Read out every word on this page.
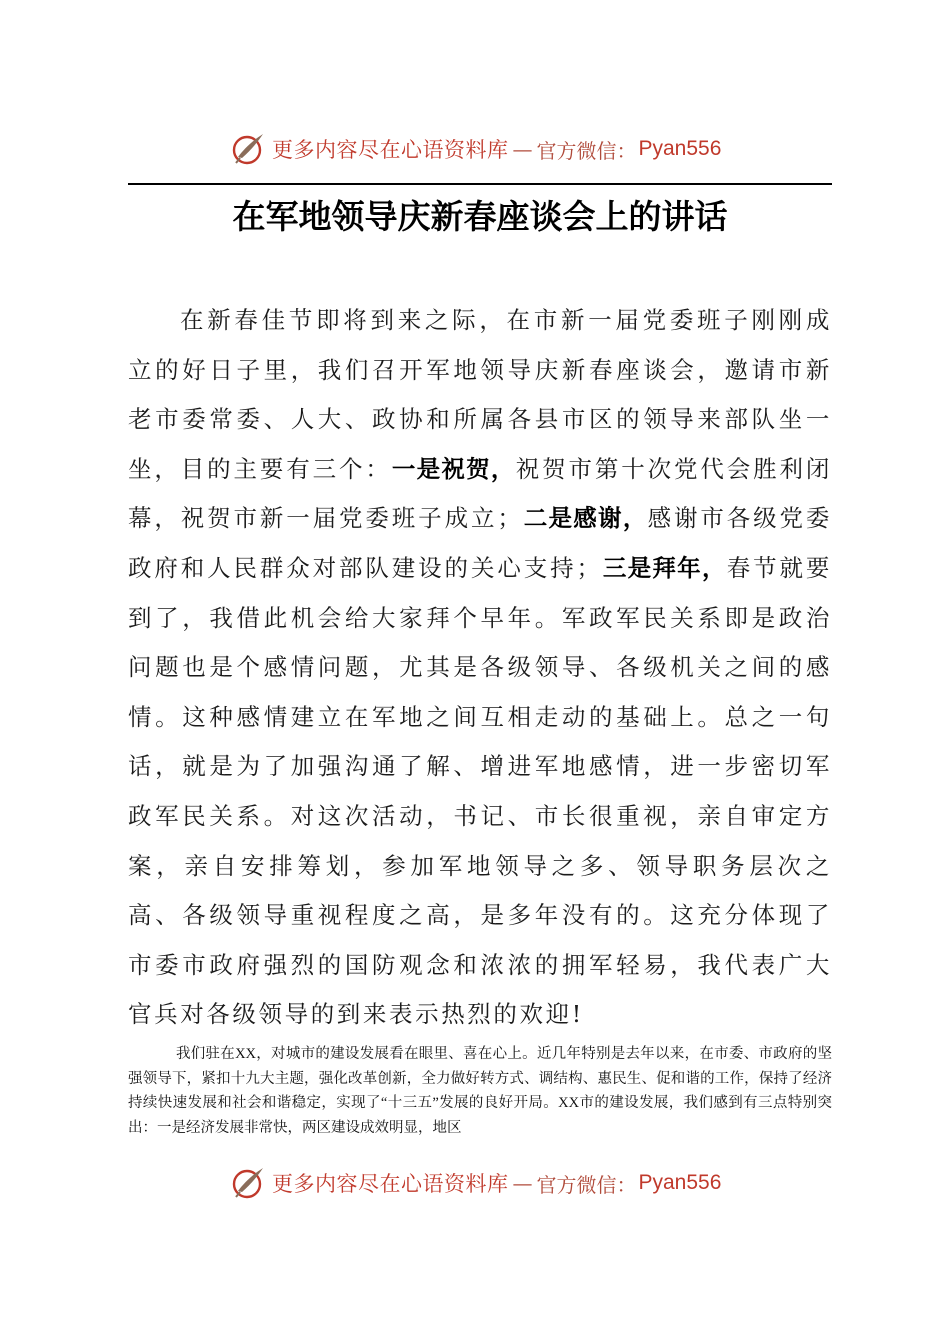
更多内容尽在心语资料库 — 官方微信： Pyan556
在军地领导庆新春座谈会上的讲话

在新春佳节即将到来之际，在市新一届党委班子刚刚成立的好日子里，我们召开军地领导庆新春座谈会，邀请市新老市委常委、人大、政协和所属各县市区的领导来部队坐一坐，目的主要有三个：一是祝贺，祝贺市第十次党代会胜利闭幕，祝贺市新一届党委班子成立；二是感谢，感谢市各级党委政府和人民群众对部队建设的关心支持；三是拜年，春节就要到了，我借此机会给大家拜个早年。军政军民关系即是政治问题也是个感情问题，尤其是各级领导、各级机关之间的感情。这种感情建立在军地之间互相走动的基础上。总之一句话，就是为了加强沟通了解、增进军地感情，进一步密切军政军民关系。对这次活动，书记、市长很重视，亲自审定方案，亲自安排筹划，参加军地领导之多、领导职务层次之高、各级领导重视程度之高，是多年没有的。这充分体现了市委市政府强烈的国防观念和浓浓的拥军轻易，我代表广大官兵对各级领导的到来表示热烈的欢迎!

我们驻在XX，对城市的建设发展看在眼里、喜在心上。近几年特别是去年以来，在市委、市政府的坚强领导下，紧扣十九大主题，强化改革创新，全力做好转方式、调结构、惠民生、促和谐的工作，保持了经济持续快速发展和社会和谐稳定，实现了“十三五”发展的良好开局。XX市的建设发展，我们感到有三点特别突出：一是经济发展非常快，两区建设成效明显，地区

更多内容尽在心语资料库 — 官方微信： Pyan556
